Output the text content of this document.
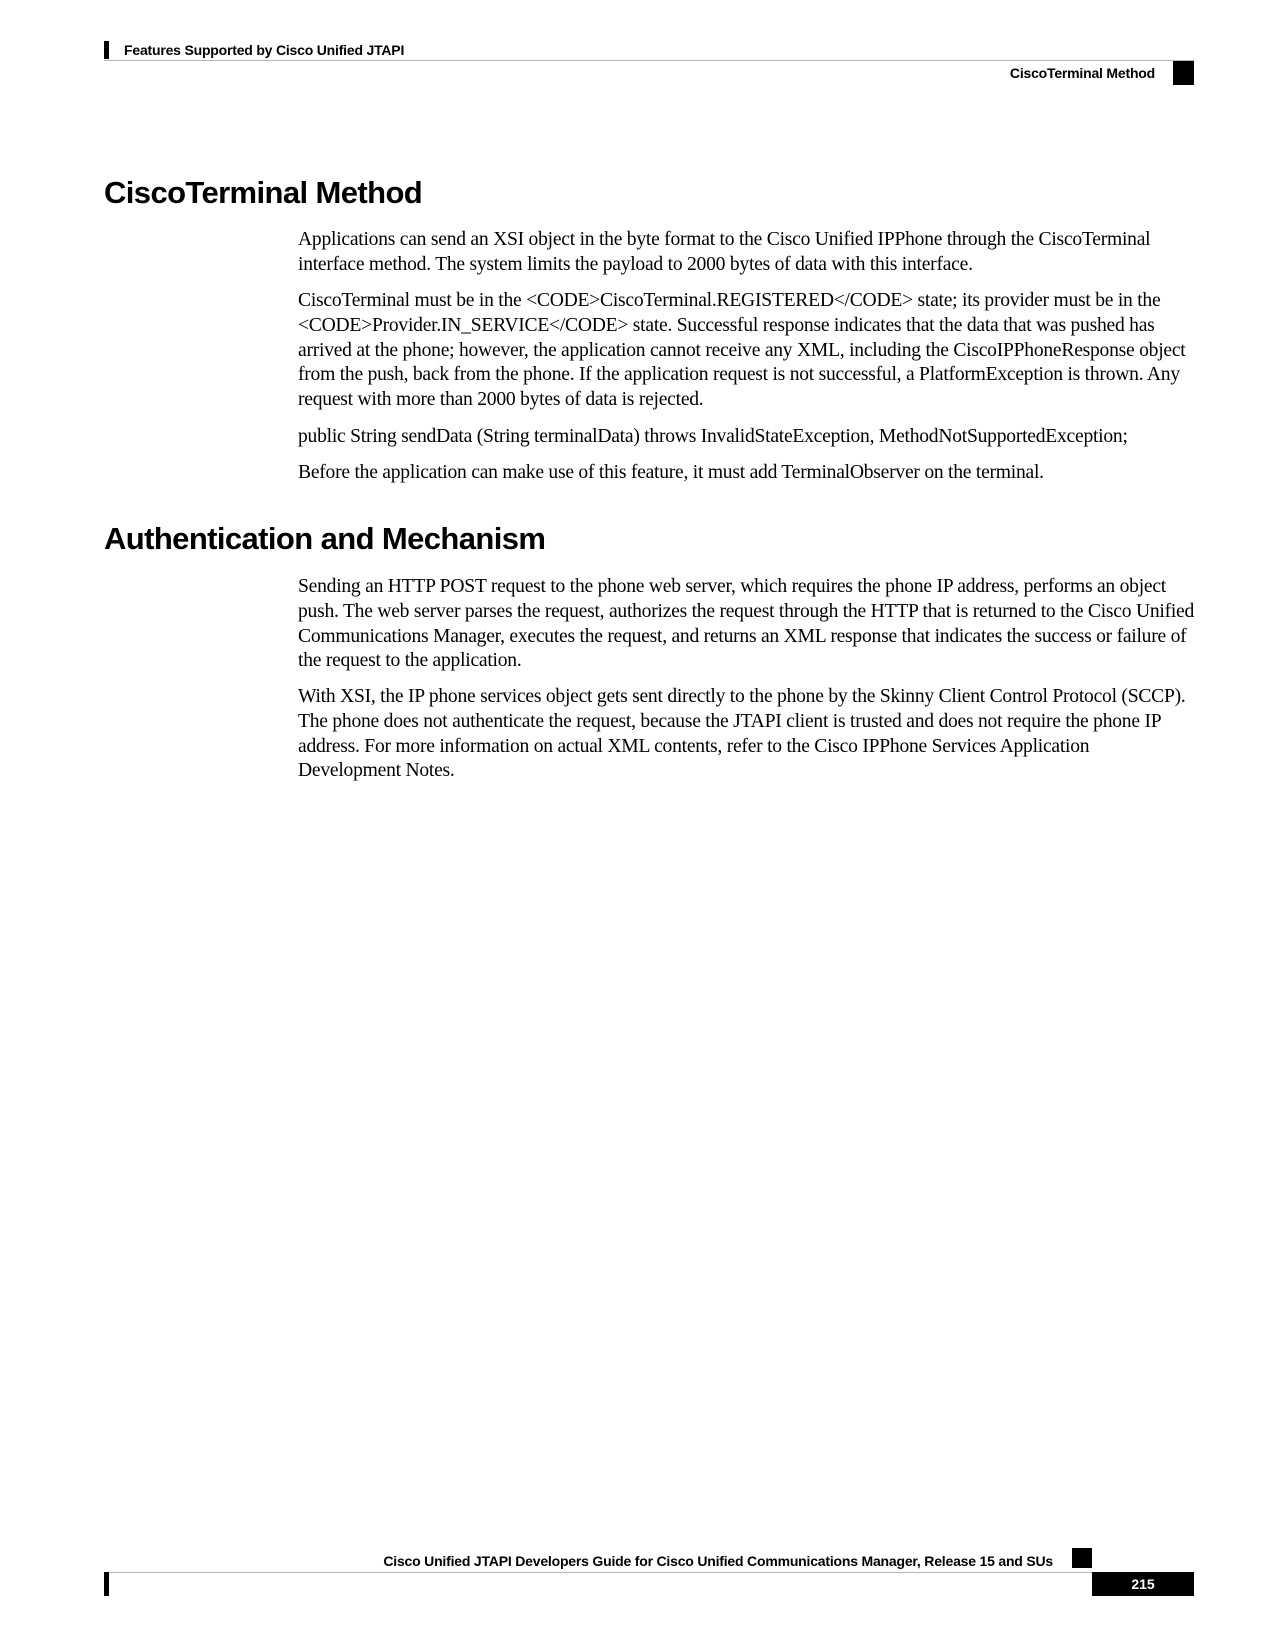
Features Supported by Cisco Unified JTAPI
CiscoTerminal Method
CiscoTerminal Method

Applications can send an XSI object in the byte format to the Cisco Unified IPPhone through the CiscoTerminal interface method. The system limits the payload to 2000 bytes of data with this interface.

CiscoTerminal must be in the <CODE>CiscoTerminal.REGISTERED</CODE> state; its provider must be in the <CODE>Provider.IN_SERVICE</CODE> state. Successful response indicates that the data that was pushed has arrived at the phone; however, the application cannot receive any XML, including the CiscoIPPhoneResponse object from the push, back from the phone. If the application request is not successful, a PlatformException is thrown. Any request with more than 2000 bytes of data is rejected.

public String sendData (String terminalData) throws InvalidStateException, MethodNotSupportedException;

Before the application can make use of this feature, it must add TerminalObserver on the terminal.

Authentication and Mechanism

Sending an HTTP POST request to the phone web server, which requires the phone IP address, performs an object push. The web server parses the request, authorizes the request through the HTTP that is returned to the Cisco Unified Communications Manager, executes the request, and returns an XML response that indicates the success or failure of the request to the application.

With XSI, the IP phone services object gets sent directly to the phone by the Skinny Client Control Protocol (SCCP). The phone does not authenticate the request, because the JTAPI client is trusted and does not require the phone IP address. For more information on actual XML contents, refer to the Cisco IPPhone Services Application Development Notes.

Cisco Unified JTAPI Developers Guide for Cisco Unified Communications Manager, Release 15 and SUs
215
